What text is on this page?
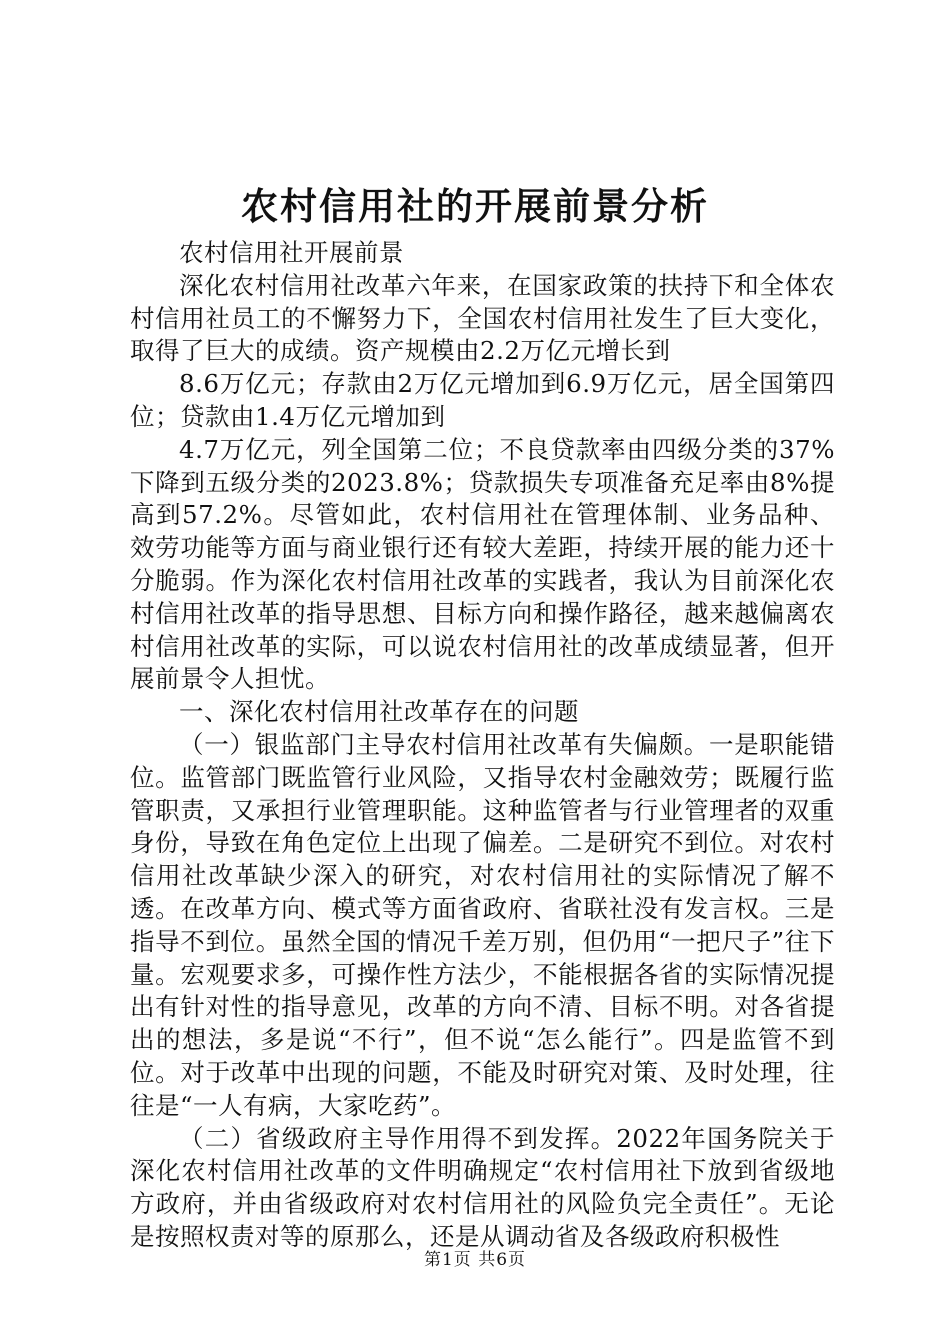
农村信用社的开展前景分析

农村信用社开展前景

深化农村信用社改革六年来，在国家政策的扶持下和全体农村信用社员工的不懈努力下，全国农村信用社发生了巨大变化，取得了巨大的成绩。资产规模由2.2万亿元增长到

8.6万亿元；存款由2万亿元增加到6.9万亿元，居全国第四位；贷款由1.4万亿元增加到

4.7万亿元，列全国第二位；不良贷款率由四级分类的37%下降到五级分类的2023.8%；贷款损失专项准备充足率由8%提高到57.2%。尽管如此，农村信用社在管理体制、业务品种、效劳功能等方面与商业银行还有较大差距，持续开展的能力还十分脆弱。作为深化农村信用社改革的实践者，我认为目前深化农村信用社改革的指导思想、目标方向和操作路径，越来越偏离农村信用社改革的实际，可以说农村信用社的改革成绩显著，但开展前景令人担忧。

一、深化农村信用社改革存在的问题

（一）银监部门主导农村信用社改革有失偏颇。一是职能错位。监管部门既监管行业风险，又指导农村金融效劳；既履行监管职责，又承担行业管理职能。这种监管者与行业管理者的双重身份，导致在角色定位上出现了偏差。二是研究不到位。对农村信用社改革缺少深入的研究，对农村信用社的实际情况了解不透。在改革方向、模式等方面省政府、省联社没有发言权。三是指导不到位。虽然全国的情况千差万别，但仍用“一把尺子”往下量。宏观要求多，可操作性方法少，不能根据各省的实际情况提出有针对性的指导意见，改革的方向不清、目标不明。对各省提出的想法，多是说“不行”，但不说“怎么能行”。四是监管不到位。对于改革中出现的问题，不能及时研究对策、及时处理，往往是“一人有病，大家吃药”。

（二）省级政府主导作用得不到发挥。2022年国务院关于深化农村信用社改革的文件明确规定“农村信用社下放到省级地方政府，并由省级政府对农村信用社的风险负完全责任”。无论是按照权责对等的原那么，还是从调动省及各级政府积极性

第1页 共6页
